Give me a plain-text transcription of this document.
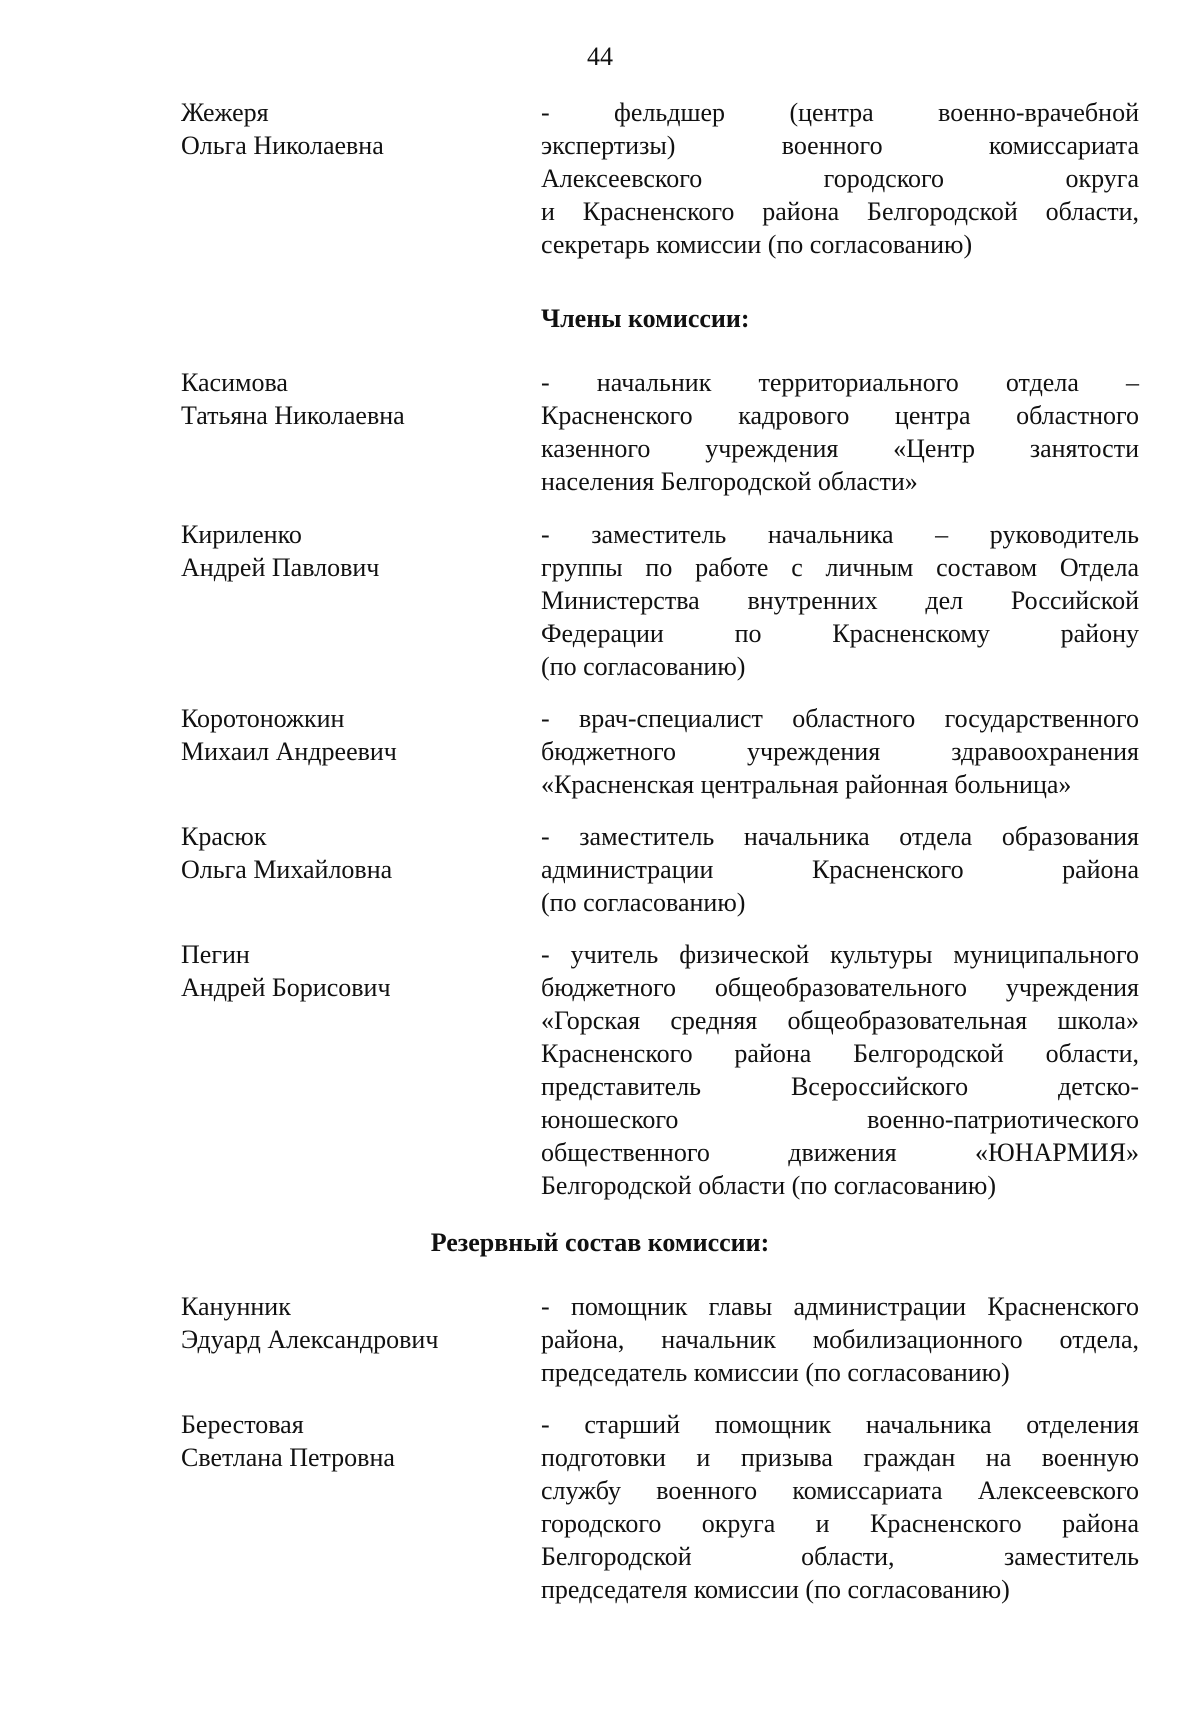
44
Жежеря
Ольга Николаевна
- фельдшер (центра военно-врачебной
экспертизы) военного комиссариата
Алексеевского городского округа
и Красненского района Белгородской области,
секретарь комиссии (по согласованию)
Члены комиссии:
Касимова
Татьяна Николаевна
- начальник территориального отдела –
Красненского кадрового центра областного
казенного учреждения «Центр занятости
населения Белгородской области»
Кириленко
Андрей Павлович
- заместитель начальника – руководитель
группы по работе с личным составом Отдела
Министерства внутренних дел Российской
Федерации по Красненскому району
(по согласованию)
Коротоножкин
Михаил Андреевич
- врач-специалист областного государственного
бюджетного учреждения здравоохранения
«Красненская центральная районная больница»
Красюк
Ольга Михайловна
- заместитель начальника отдела образования
администрации Красненского района
(по согласованию)
Пегин
Андрей Борисович
- учитель физической культуры муниципального
бюджетного общеобразовательного учреждения
«Горская средняя общеобразовательная школа»
Красненского района Белгородской области,
представитель Всероссийского детско-
юношеского военно-патриотического
общественного движения «ЮНАРМИЯ»
Белгородской области (по согласованию)
Резервный состав комиссии:
Канунник
Эдуард Александрович
- помощник главы администрации Красненского
района, начальник мобилизационного отдела,
председатель комиссии (по согласованию)
Берестовая
Светлана Петровна
- старший помощник начальника отделения
подготовки и призыва граждан на военную
службу военного комиссариата Алексеевского
городского округа и Красненского района
Белгородской области, заместитель
председателя комиссии (по согласованию)
